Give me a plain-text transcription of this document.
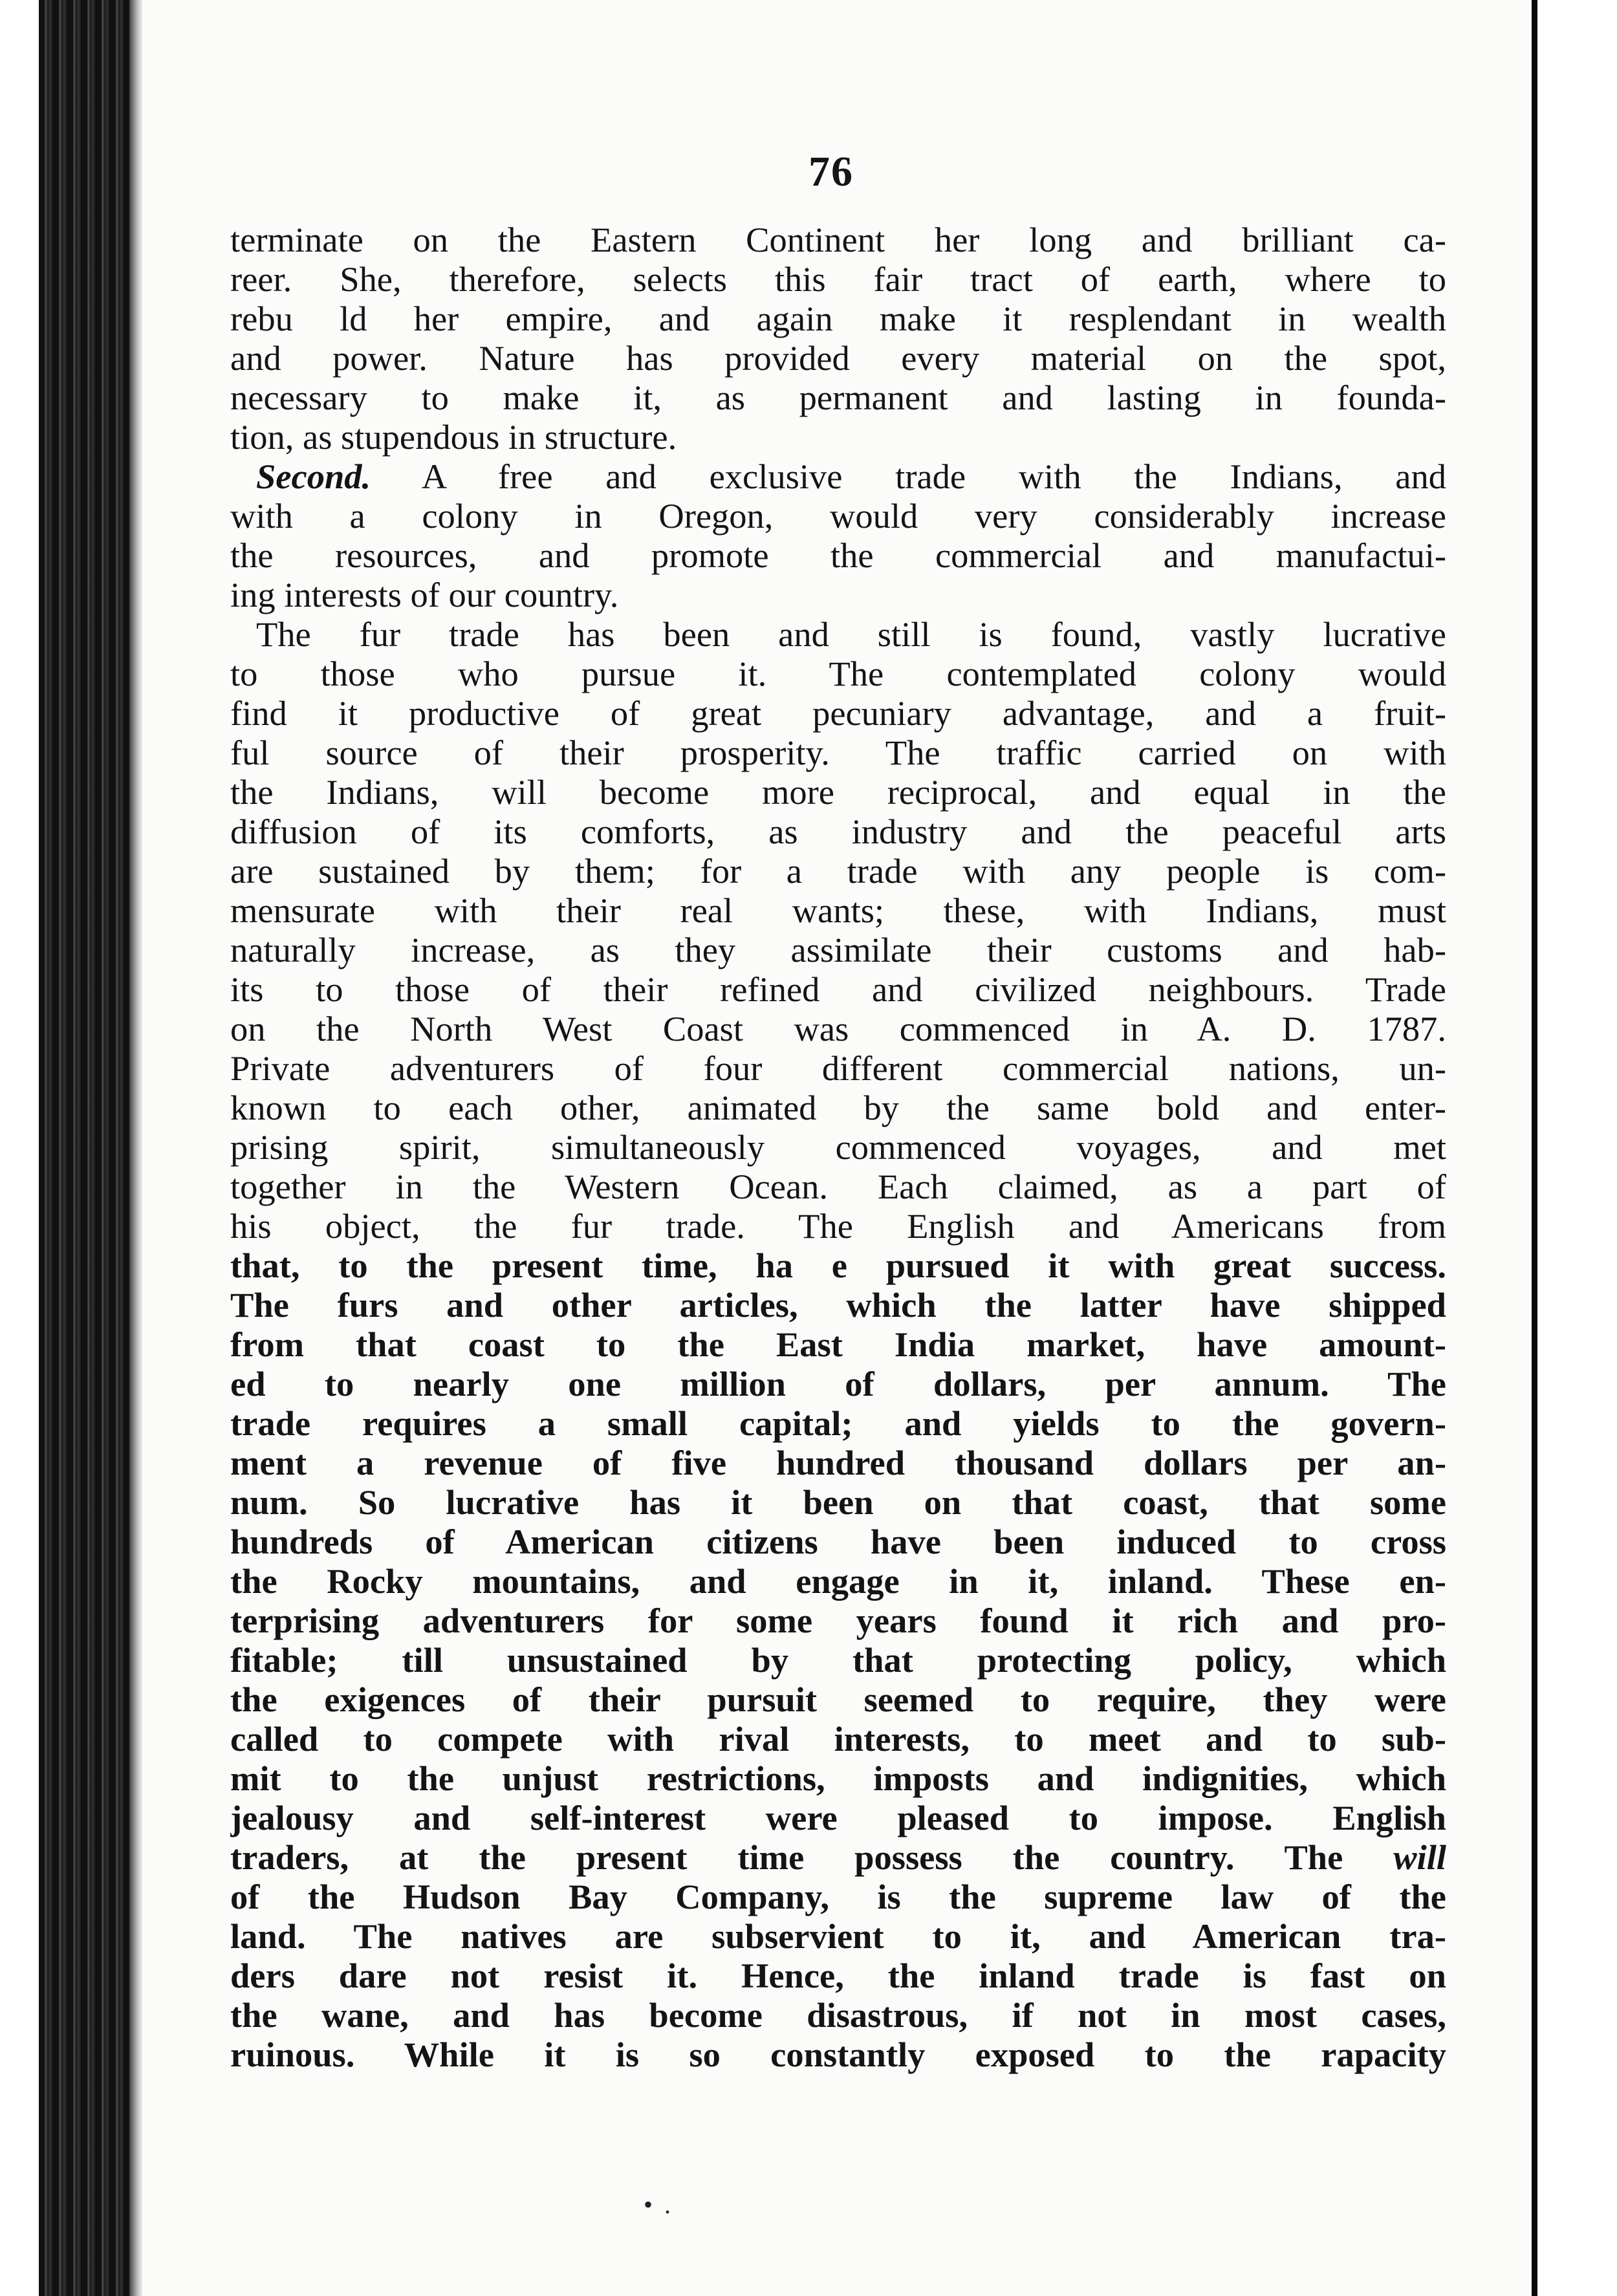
76
terminate on the Eastern Continent her long and brilliant ca-
reer. She, therefore, selects this fair tract of earth, where to
rebu ld her empire, and again make it resplendant in wealth
and power. Nature has provided every material on the spot,
necessary to make it, as permanent and lasting in founda-
tion, as stupendous in structure.
Second. A free and exclusive trade with the Indians, and
with a colony in Oregon, would very considerably increase
the resources, and promote the commercial and manufactui-
ing interests of our country.
The fur trade has been and still is found, vastly lucrative
to those who pursue it. The contemplated colony would
find it productive of great pecuniary advantage, and a fruit-
ful source of their prosperity. The traffic carried on with
the Indians, will become more reciprocal, and equal in the
diffusion of its comforts, as industry and the peaceful arts
are sustained by them; for a trade with any people is com-
mensurate with their real wants; these, with Indians, must
naturally increase, as they assimilate their customs and hab-
its to those of their refined and civilized neighbours. Trade
on the North West Coast was commenced in A. D. 1787.
Private adventurers of four different commercial nations, un-
known to each other, animated by the same bold and enter-
prising spirit, simultaneously commenced voyages, and met
together in the Western Ocean. Each claimed, as a part of
his object, the fur trade. The English and Americans from
that, to the present time, ha e pursued it with great success.
The furs and other articles, which the latter have shipped
from that coast to the East India market, have amount-
ed to nearly one million of dollars, per annum. The
trade requires a small capital; and yields to the govern-
ment a revenue of five hundred thousand dollars per an-
num. So lucrative has it been on that coast, that some
hundreds of American citizens have been induced to cross
the Rocky mountains, and engage in it, inland. These en-
terprising adventurers for some years found it rich and pro-
fitable; till unsustained by that protecting policy, which
the exigences of their pursuit seemed to require, they were
called to compete with rival interests, to meet and to sub-
mit to the unjust restrictions, imposts and indignities, which
jealousy and self-interest were pleased to impose. English
traders, at the present time possess the country. The will
of the Hudson Bay Company, is the supreme law of the
land. The natives are subservient to it, and American tra-
ders dare not resist it. Hence, the inland trade is fast on
the wane, and has become disastrous, if not in most cases,
ruinous. While it is so constantly exposed to the rapacity
• .
